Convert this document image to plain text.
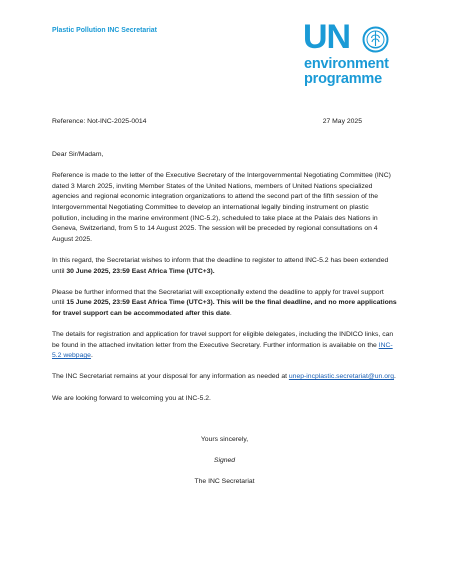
Plastic Pollution INC Secretariat	UN
environment
programme
Reference: Not-INC-2025-0014	27 May 2025

Dear Sir/Madam,

Reference is made to the letter of the Executive Secretary of the Intergovernmental Negotiating Committee (INC) dated 3 March 2025, inviting Member States of the United Nations, members of United Nations specialized agencies and regional economic integration organizations to attend the second part of the fifth session of the Intergovernmental Negotiating Committee to develop an international legally binding instrument on plastic pollution, including in the marine environment (INC-5.2), scheduled to take place at the Palais des Nations in Geneva, Switzerland, from 5 to 14 August 2025. The session will be preceded by regional consultations on 4 August 2025.

In this regard, the Secretariat wishes to inform that the deadline to register to attend INC-5.2 has been extended until 30 June 2025, 23:59 East Africa Time (UTC+3).

Please be further informed that the Secretariat will exceptionally extend the deadline to apply for travel support until 15 June 2025, 23:59 East Africa Time (UTC+3). This will be the final deadline, and no more applications for travel support can be accommodated after this date.

The details for registration and application for travel support for eligible delegates, including the INDICO links, can be found in the attached invitation letter from the Executive Secretary. Further information is available on the INC-5.2 webpage.

The INC Secretariat remains at your disposal for any information as needed at unep-incplastic.secretariat@un.org.

We are looking forward to welcoming you at INC-5.2.

Yours sincerely,
Signed
The INC Secretariat
